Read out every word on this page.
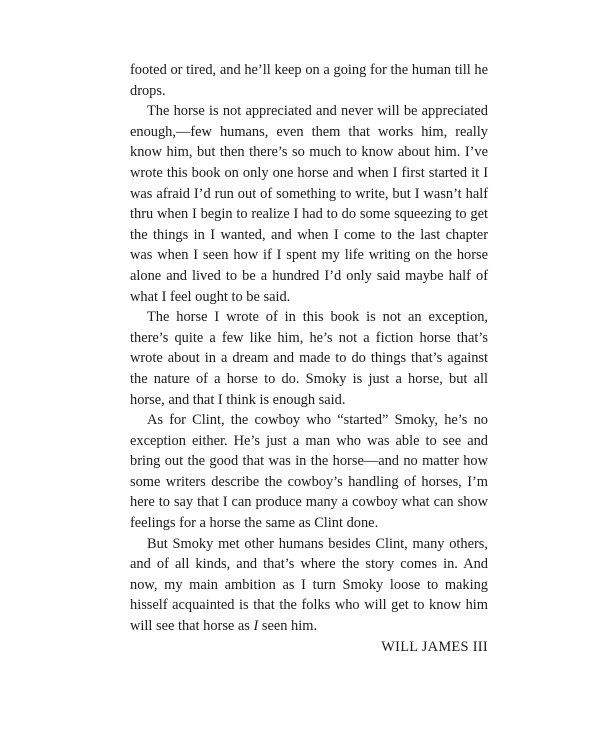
footed or tired, and he’ll keep on a going for the human till he drops.

The horse is not appreciated and never will be appreciated enough,—few humans, even them that works him, really know him, but then there’s so much to know about him. I’ve wrote this book on only one horse and when I first started it I was afraid I’d run out of something to write, but I wasn’t half thru when I begin to realize I had to do some squeezing to get the things in I wanted, and when I come to the last chapter was when I seen how if I spent my life writing on the horse alone and lived to be a hundred I’d only said maybe half of what I feel ought to be said.

The horse I wrote of in this book is not an exception, there’s quite a few like him, he’s not a fiction horse that’s wrote about in a dream and made to do things that’s against the nature of a horse to do. Smoky is just a horse, but all horse, and that I think is enough said.

As for Clint, the cowboy who “started” Smoky, he’s no exception either. He’s just a man who was able to see and bring out the good that was in the horse—and no matter how some writers describe the cowboy’s handling of horses, I’m here to say that I can produce many a cowboy what can show feelings for a horse the same as Clint done.

But Smoky met other humans besides Clint, many others, and of all kinds, and that’s where the story comes in. And now, my main ambition as I turn Smoky loose to making hisself acquainted is that the folks who will get to know him will see that horse as I seen him.

WILL JAMES III
